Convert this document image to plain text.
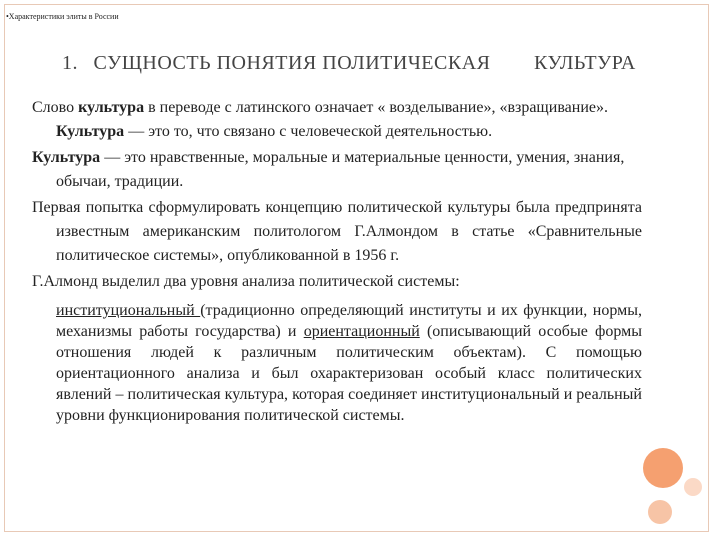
•Характеристики элиты в России
1. СУЩНОСТЬ ПОНЯТИЯ ПОЛИТИЧЕСКАЯ КУЛЬТУРА

Слово культура в переводе с латинского означает « возделывание», «взращивание». Культура — это то, что связано с человеческой деятельностью.

Культура — это нравственные, моральные и материальные ценности, умения, знания, обычаи, традиции.

Первая попытка сформулировать концепцию политической культуры была предпринята известным американским политологом Г.Алмондом в статье «Сравнительные политическое системы», опубликованной в 1956 г.

Г.Алмонд выделил два уровня анализа политической системы:

институциональный (традиционно определяющий институты и их функции, нормы, механизмы работы государства) и ориентационный (описывающий особые формы отношения людей к различным политическим объектам). С помощью ориентационного анализа и был охарактеризован особый класс политических явлений – политическая культура, которая соединяет институциональный и реальный уровни функционирования политической системы.
